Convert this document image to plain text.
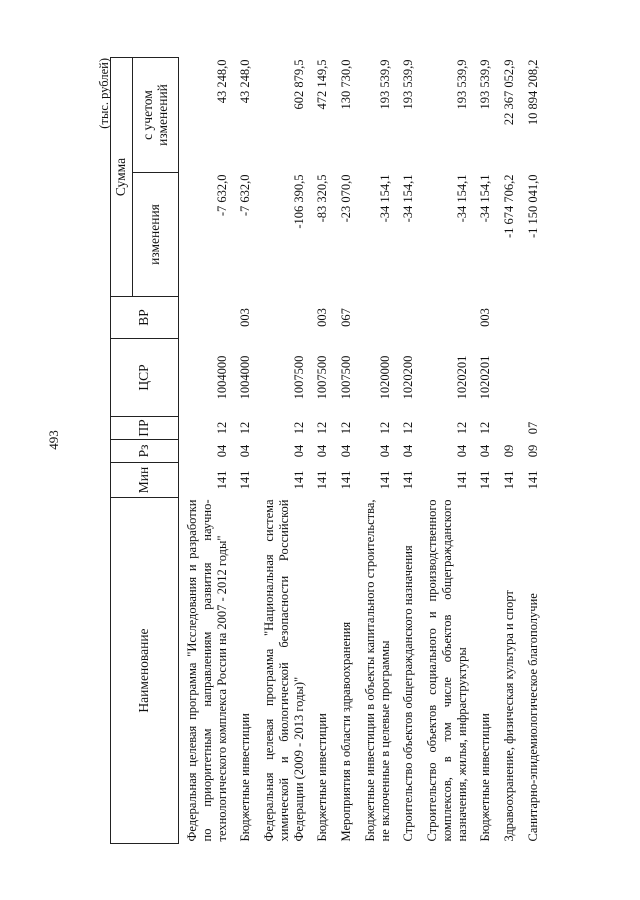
493
(тыс. рублей)
Наименование	Мин	Рз	ПР	ЦСР	ВР	Сумма	
						изменения	с учетом изменений

Федеральная целевая программа "Исследования и разработки по приоритетным направлениям развития научно-технологического комплекса России на 2007 - 2012 годы"	141	04	12	1004000		-7 632,0	43 248,0

Бюджетные инвестиции	141	04	12	1004000	003	-7 632,0	43 248,0

Федеральная целевая программа "Национальная система химической и биологической безопасности Российской Федерации (2009 - 2013 годы)"	141	04	12	1007500		-106 390,5	602 879,5

Бюджетные инвестиции	141	04	12	1007500	003	-83 320,5	472 149,5

Мероприятия в области здравоохранения	141	04	12	1007500	067	-23 070,0	130 730,0

Бюджетные инвестиции в объекты капитального строительства, не включенные в целевые программы	141	04	12	1020000		-34 154,1	193 539,9

Строительство объектов общегражданского назначения	141	04	12	1020200		-34 154,1	193 539,9

Строительство объектов социального и производственного комплексов, в том числе объектов общегражданского назначения, жилья, инфраструктуры	141	04	12	1020201		-34 154,1	193 539,9

Бюджетные инвестиции	141	04	12	1020201	003	-34 154,1	193 539,9

Здравоохранение, физическая культура и спорт	141	09				-1 674 706,2	22 367 052,9

Санитарно-эпидемиологическое благополучие	141	09	07			-1 150 041,0	10 894 208,2
